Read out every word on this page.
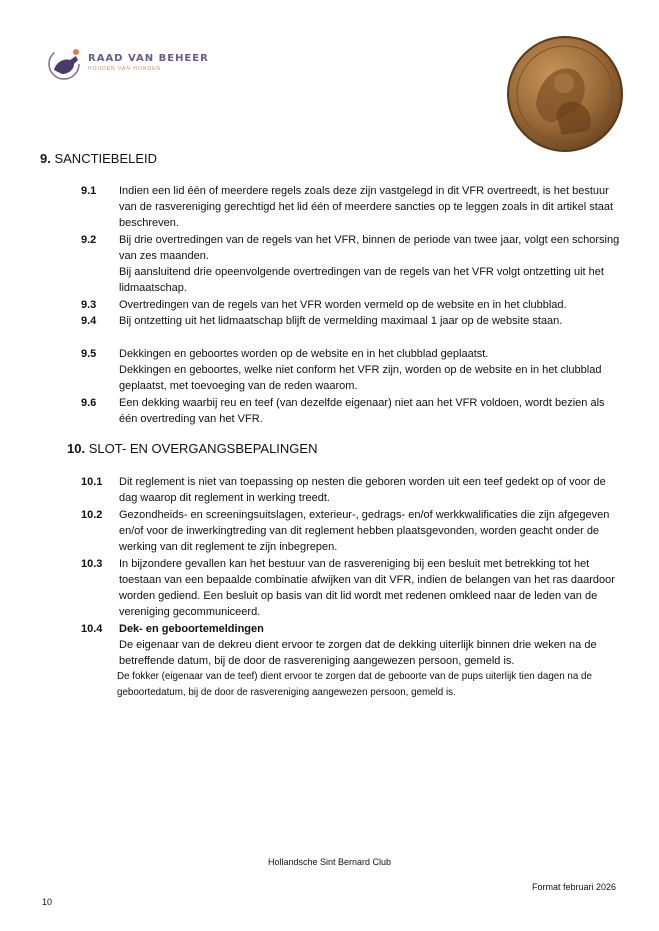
RAAD VAN BEHEER
HOUDEN VAN HONDEN
9. SANCTIEBELEID
9.1 Indien een lid één of meerdere regels zoals deze zijn vastgelegd in dit VFR overtreedt, is het bestuur van de rasvereniging gerechtigd het lid één of meerdere sancties op te leggen zoals in dit artikel staat beschreven.

9.2 Bij drie overtredingen van de regels van het VFR, binnen de periode van twee jaar, volgt een schorsing van zes maanden.

Bij aansluitend drie opeenvolgende overtredingen van de regels van het VFR volgt ontzetting uit het lidmaatschap.

9.3 Overtredingen van de regels van het VFR worden vermeld op de website en in het clubblad.

9.4 Bij ontzetting uit het lidmaatschap blijft de vermelding maximaal 1 jaar op de website staan.

9.5 Dekkingen en geboortes worden op de website en in het clubblad geplaatst.

Dekkingen en geboortes, welke niet conform het VFR zijn, worden op de website en in het clubblad geplaatst, met toevoeging van de reden waarom.

9.6 Een dekking waarbij reu en teef (van dezelfde eigenaar) niet aan het VFR voldoen, wordt bezien als één overtreding van het VFR.

10. SLOT- EN OVERGANGSBEPALINGEN
10.1 Dit reglement is niet van toepassing op nesten die geboren worden uit een teef gedekt op of voor de dag waarop dit reglement in werking treedt.

10.2 Gezondheids- en screeningsuitslagen, exterieur-, gedrags- en/of werkkwalificaties die zijn afgegeven en/of voor de inwerkingtreding van dit reglement hebben plaatsgevonden, worden geacht onder de werking van dit reglement te zijn inbegrepen.

10.3 In bijzondere gevallen kan het bestuur van de rasvereniging bij een besluit met betrekking tot het toestaan van een bepaalde combinatie afwijken van dit VFR, indien de belangen van het ras daardoor worden gediend. Een besluit op basis van dit lid wordt met redenen omkleed naar de leden van de vereniging gecommuniceerd.

10.4 Dek- en geboortemeldingen

De eigenaar van de dekreu dient ervoor te zorgen dat de dekking uiterlijk binnen drie weken na de betreffende datum, bij de door de rasvereniging aangewezen persoon, gemeld is.

De fokker (eigenaar van de teef) dient ervoor te zorgen dat de geboorte van de pups uiterlijk tien dagen na de geboortedatum, bij de door de rasvereniging aangewezen persoon, gemeld is.

Hollandsche Sint Bernard Club
Format februari 2026
10
